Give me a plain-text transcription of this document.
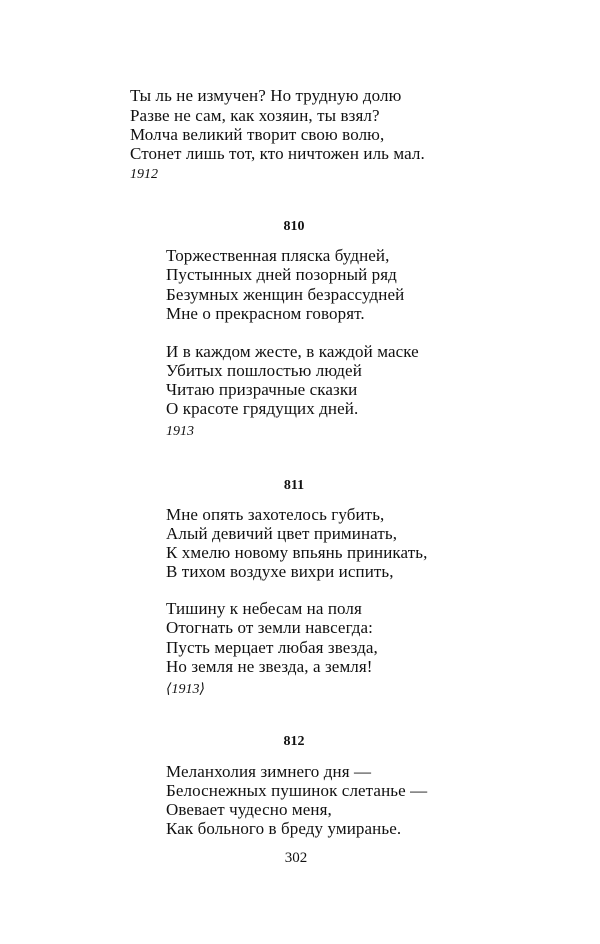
Ты ль не измучен? Но трудную долю
Разве не сам, как хозяин, ты взял?
Молча великий творит свою волю,
Стонет лишь тот, кто ничтожен иль мал.
1912
810
Торжественная пляска будней,
Пустынных дней позорный ряд
Безумных женщин безрассудней
Мне о прекрасном говорят.
И в каждом жесте, в каждой маске
Убитых пошлостью людей
Читаю призрачные сказки
О красоте грядущих дней.
1913
811
Мне опять захотелось губить,
Алый девичий цвет приминать,
К хмелю новому впьянь приникать,
В тихом воздухе вихри испить,
Тишину к небесам на поля
Отогнать от земли навсегда:
Пусть мерцает любая звезда,
Но земля не звезда, а земля!
⟨1913⟩
812
Меланхолия зимнего дня —
Белоснежных пушинок слетанье —
Овевает чудесно меня,
Как больного в бреду умиранье.
302
